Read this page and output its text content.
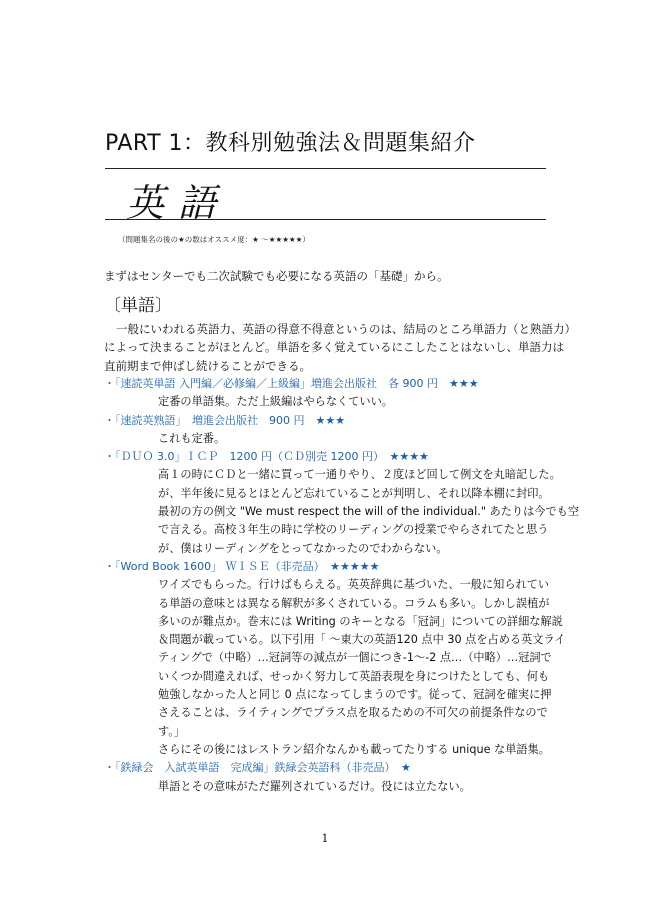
PART 1：教科別勉強法＆問題集紹介
英語
（問題集名の後の★の数はオススメ度：★ 〜★★★★★）
まずはセンターでも二次試験でも必要になる英語の「基礎」から。
〔単語〕
一般にいわれる英語力、英語の得意不得意というのは、結局のところ単語力（と熟語力）
によって決まることがほとんど。単語を多く覚えているにこしたことはないし、単語力は
直前期まで伸ばし続けることができる。
・「速読英単語 入門編／必修編／上級編」増進会出版社　各 900 円　★★★
定番の単語集。ただ上級編はやらなくていい。
・「速読英熟語」　増進会出版社　900 円　★★★
これも定番。
・「ＤＵＯ 3.0」ＩＣＰ　1200 円（ＣＤ別売 1200 円）　★★★★
高１の時にＣＤと一緒に買って一通りやり、２度ほど回して例文を丸暗記した。
が、半年後に見るとほとんど忘れていることが判明し、それ以降本棚に封印。
最初の方の例文 "We must respect the will of the individual." あたりは今でも空
で言える。高校３年生の時に学校のリーディングの授業でやらされてたと思う
が、僕はリーディングをとってなかったのでわからない。
・「Word Book 1600」 ＷＩＳＥ（非売品）　★★★★★
ワイズでもらった。行けばもらえる。英英辞典に基づいた、一般に知られてい
る単語の意味とは異なる解釈が多くされている。コラムも多い。しかし誤植が
多いのが難点か。巻末には Writing のキーとなる「冠詞」についての詳細な解説
＆問題が載っている。以下引用「 〜東大の英語120 点中 30 点を占める英文ライ
ティングで（中略）…冠詞等の減点が一個につき-1〜-2 点…（中略）…冠詞で
いくつか間違えれば、せっかく努力して英語表現を身につけたとしても、何も
勉強しなかった人と同じ 0 点になってしまうのです。従って、冠詞を確実に押
さえることは、ライティングでプラス点を取るための不可欠の前提条件なので
す。」
さらにその後にはレストラン紹介なんかも載ってたりする unique な単語集。
・「鉄緑会　入試英単語　完成編」鉄緑会英語科（非売品）　★
単語とその意味がただ羅列されているだけ。役には立たない。
1
